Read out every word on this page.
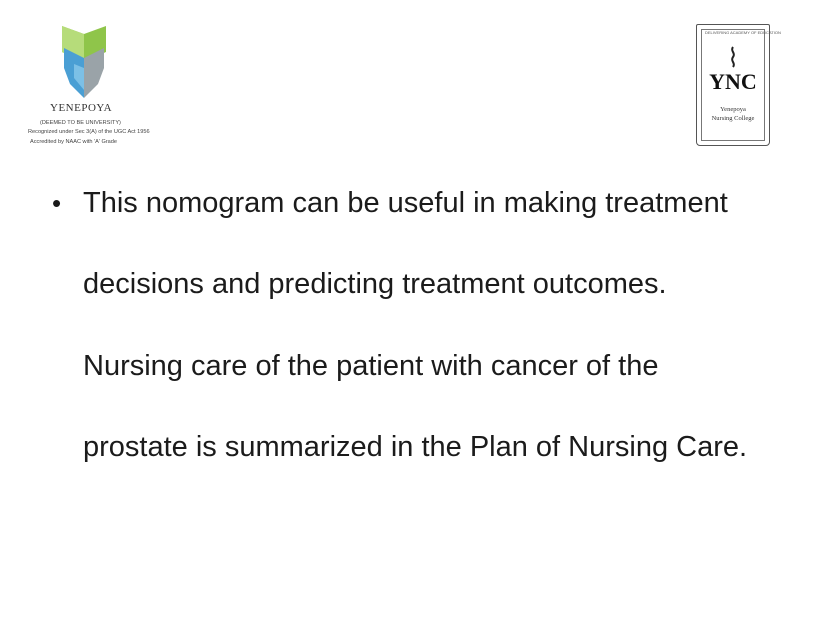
YENEPOYA
(DEEMED TO BE UNIVERSITY)
Recognized under Sec 3(A) of the UGC Act 1956
Accredited by NAAC with 'A' Grade
DELIVERING ACADEMY OF EDUCATION
YNC
Yenepoya
Nursing College
• This nomogram can be useful in making treatment
decisions and predicting treatment outcomes.
Nursing care of the patient with cancer of the
prostate is summarized in the Plan of Nursing Care.
